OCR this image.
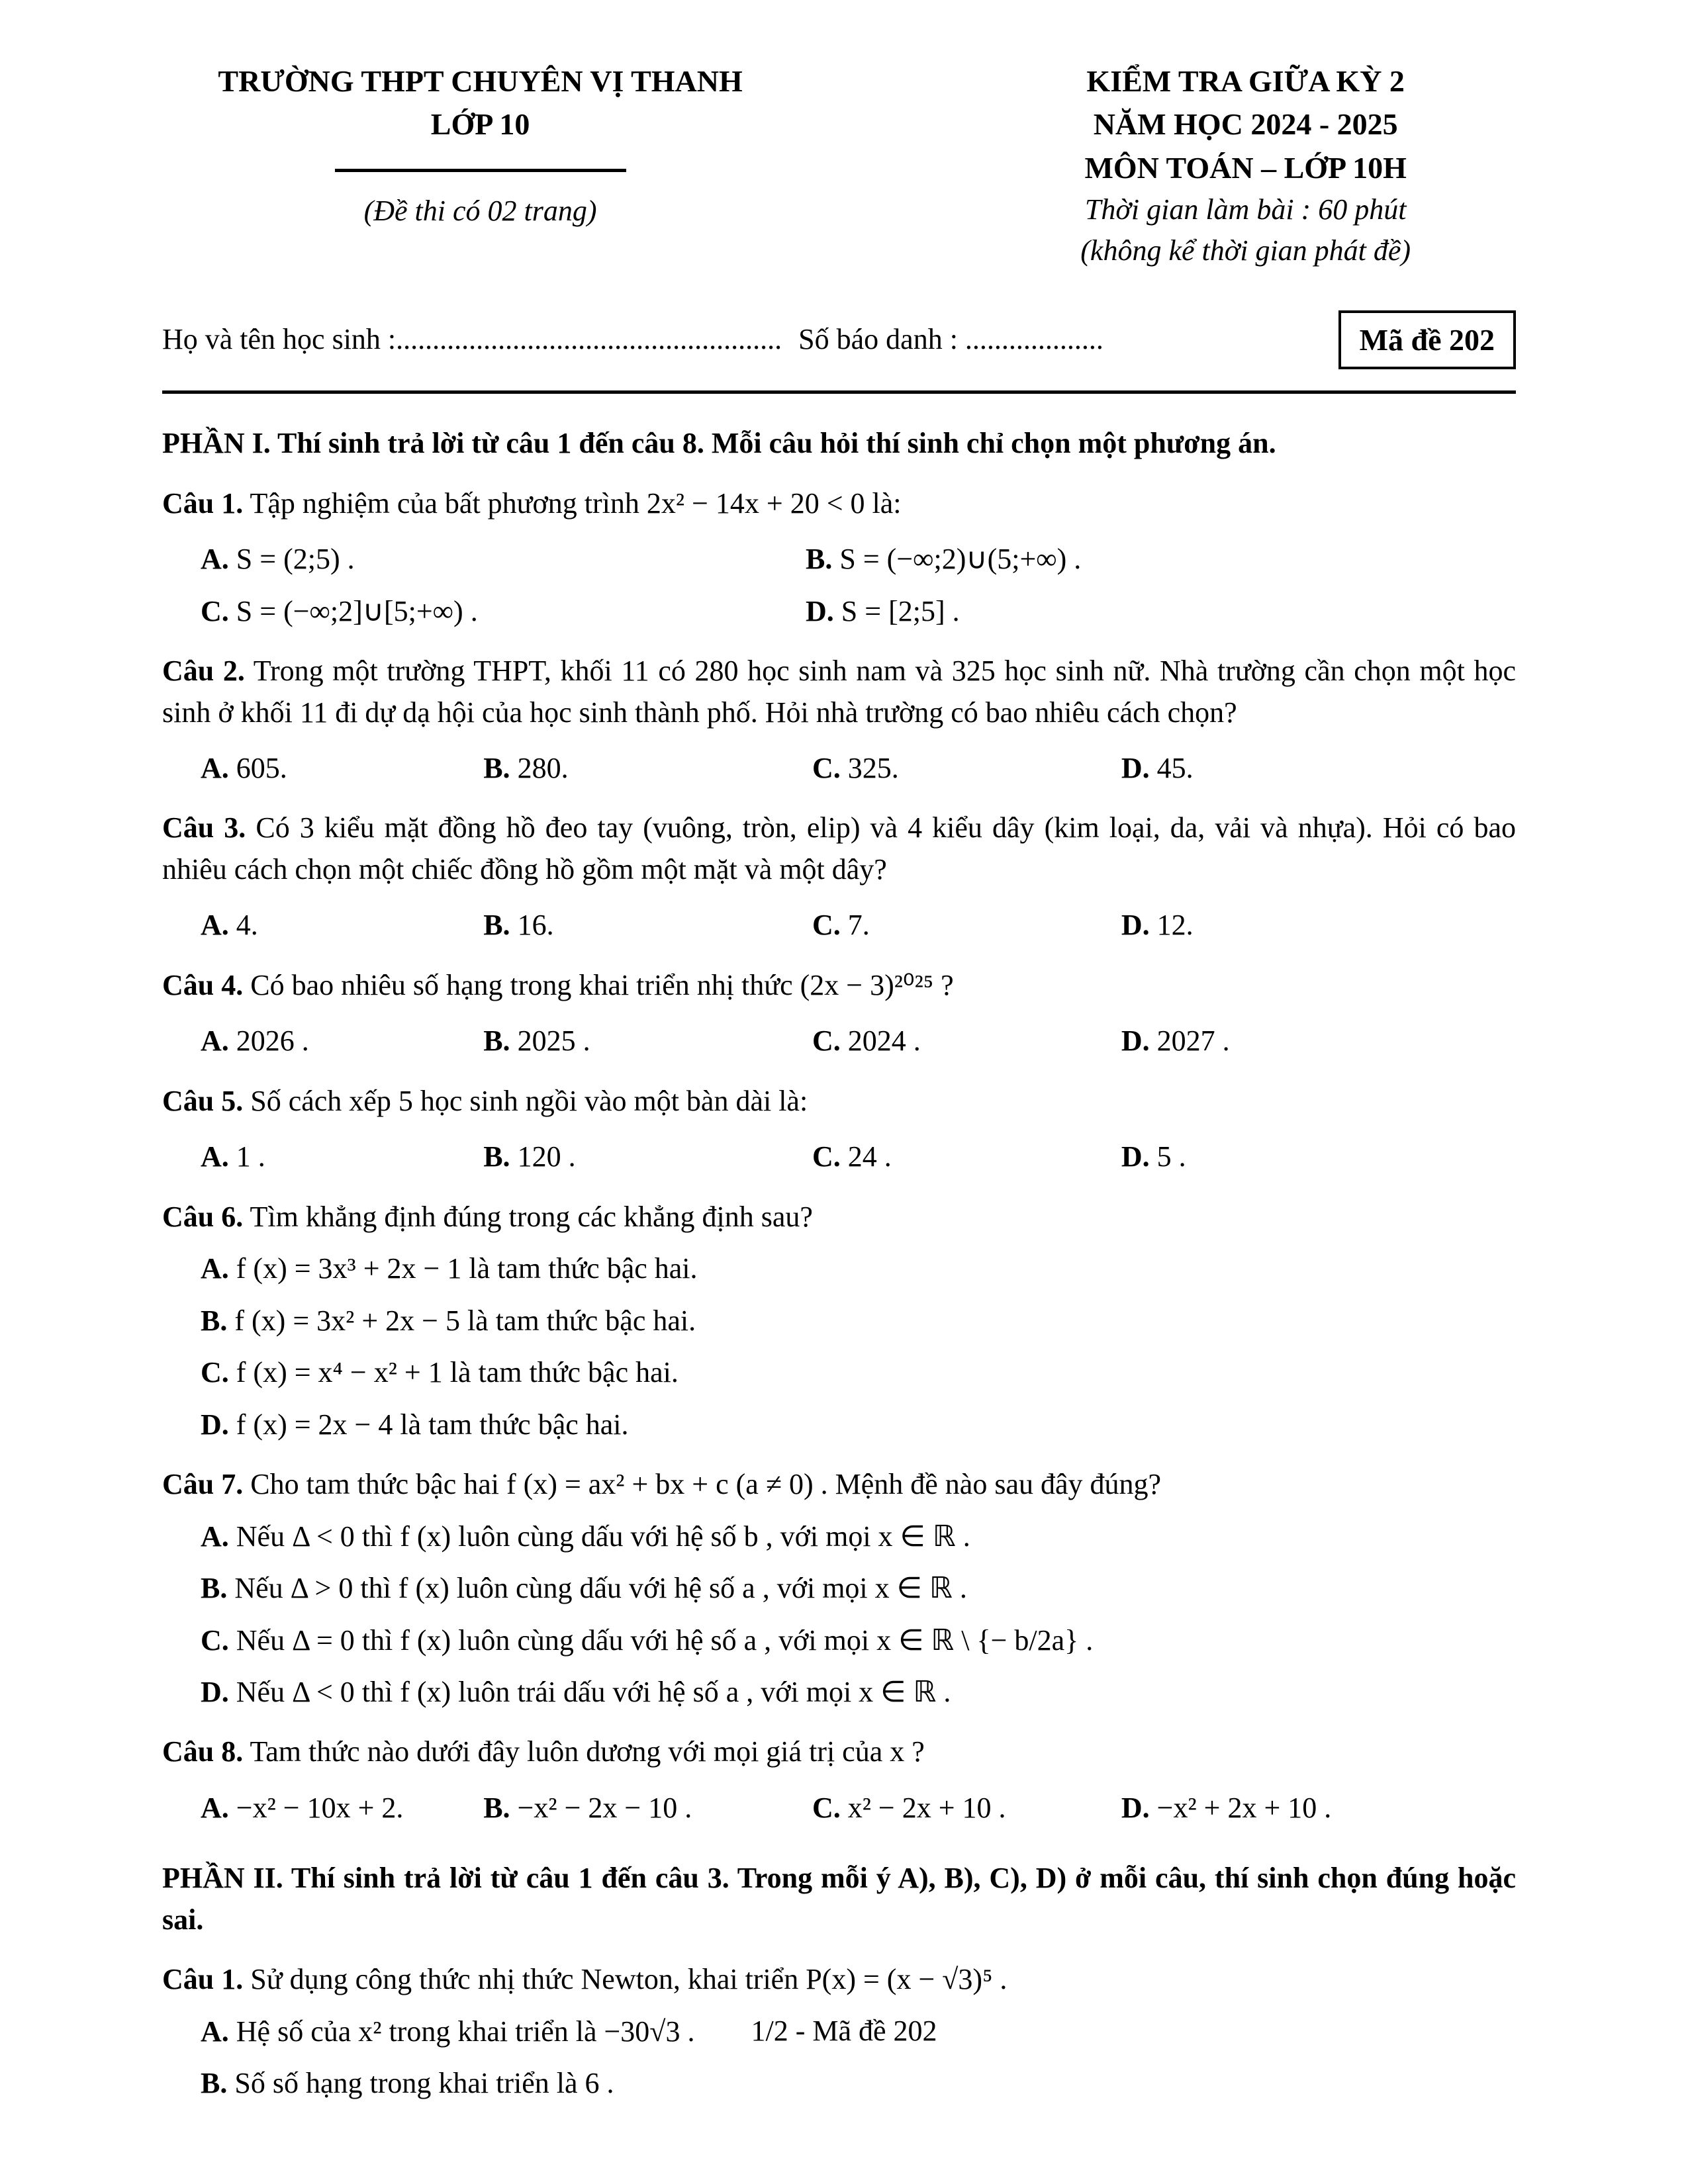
TRƯỜNG THPT CHUYÊN VỊ THANH
LỚP 10
(Đề thi có 02 trang)
KIỂM TRA GIỮA KỲ 2
NĂM HỌC 2024 - 2025
MÔN TOÁN – LỚP 10H
Thời gian làm bài : 60 phút
(không kể thời gian phát đề)
Họ và tên học sinh :..................................................... Số báo danh : ...................	Mã đề 202
PHẦN I. Thí sinh trả lời từ câu 1 đến câu 8. Mỗi câu hỏi thí sinh chỉ chọn một phương án.

Câu 1. Tập nghiệm của bất phương trình 2x² − 14x + 20 < 0 là:

A. S = (2;5) .	B. S = (−∞;2)∪(5;+∞) .

C. S = (−∞;2]∪[5;+∞) .	D. S = [2;5] .

Câu 2. Trong một trường THPT, khối 11 có 280 học sinh nam và 325 học sinh nữ. Nhà trường cần chọn một học sinh ở khối 11 đi dự dạ hội của học sinh thành phố. Hỏi nhà trường có bao nhiêu cách chọn?

A. 605.	B. 280.	C. 325.	D. 45.

Câu 3. Có 3 kiểu mặt đồng hồ đeo tay (vuông, tròn, elip) và 4 kiểu dây (kim loại, da, vải và nhựa). Hỏi có bao nhiêu cách chọn một chiếc đồng hồ gồm một mặt và một dây?

A. 4.	B. 16.	C. 7.	D. 12.

Câu 4. Có bao nhiêu số hạng trong khai triển nhị thức (2x − 3)²⁰²⁵ ?

A. 2026 .	B. 2025 .	C. 2024 .	D. 2027 .

Câu 5. Số cách xếp 5 học sinh ngồi vào một bàn dài là:

A. 1 .	B. 120 .	C. 24 .	D. 5 .

Câu 6. Tìm khẳng định đúng trong các khẳng định sau?

A. f (x) = 3x³ + 2x − 1 là tam thức bậc hai.

B. f (x) = 3x² + 2x − 5 là tam thức bậc hai.

C. f (x) = x⁴ − x² + 1 là tam thức bậc hai.

D. f (x) = 2x − 4 là tam thức bậc hai.

Câu 7. Cho tam thức bậc hai f (x) = ax² + bx + c (a ≠ 0) . Mệnh đề nào sau đây đúng?

A. Nếu Δ < 0 thì f (x) luôn cùng dấu với hệ số b , với mọi x ∈ ℝ .

B. Nếu Δ > 0 thì f (x) luôn cùng dấu với hệ số a , với mọi x ∈ ℝ .

C. Nếu Δ = 0 thì f (x) luôn cùng dấu với hệ số a , với mọi x ∈ ℝ \ {− b/2a} .

D. Nếu Δ < 0 thì f (x) luôn trái dấu với hệ số a , với mọi x ∈ ℝ .

Câu 8. Tam thức nào dưới đây luôn dương với mọi giá trị của x ?

A. −x² − 10x + 2.	B. −x² − 2x − 10 .	C. x² − 2x + 10 .	D. −x² + 2x + 10 .

PHẦN II. Thí sinh trả lời từ câu 1 đến câu 3. Trong mỗi ý A), B), C), D) ở mỗi câu, thí sinh chọn đúng hoặc sai.

Câu 1. Sử dụng công thức nhị thức Newton, khai triển P(x) = (x − √3)⁵ .

A. Hệ số của x² trong khai triển là −30√3 .

B. Số số hạng trong khai triển là 6 .

1/2 - Mã đề 202
